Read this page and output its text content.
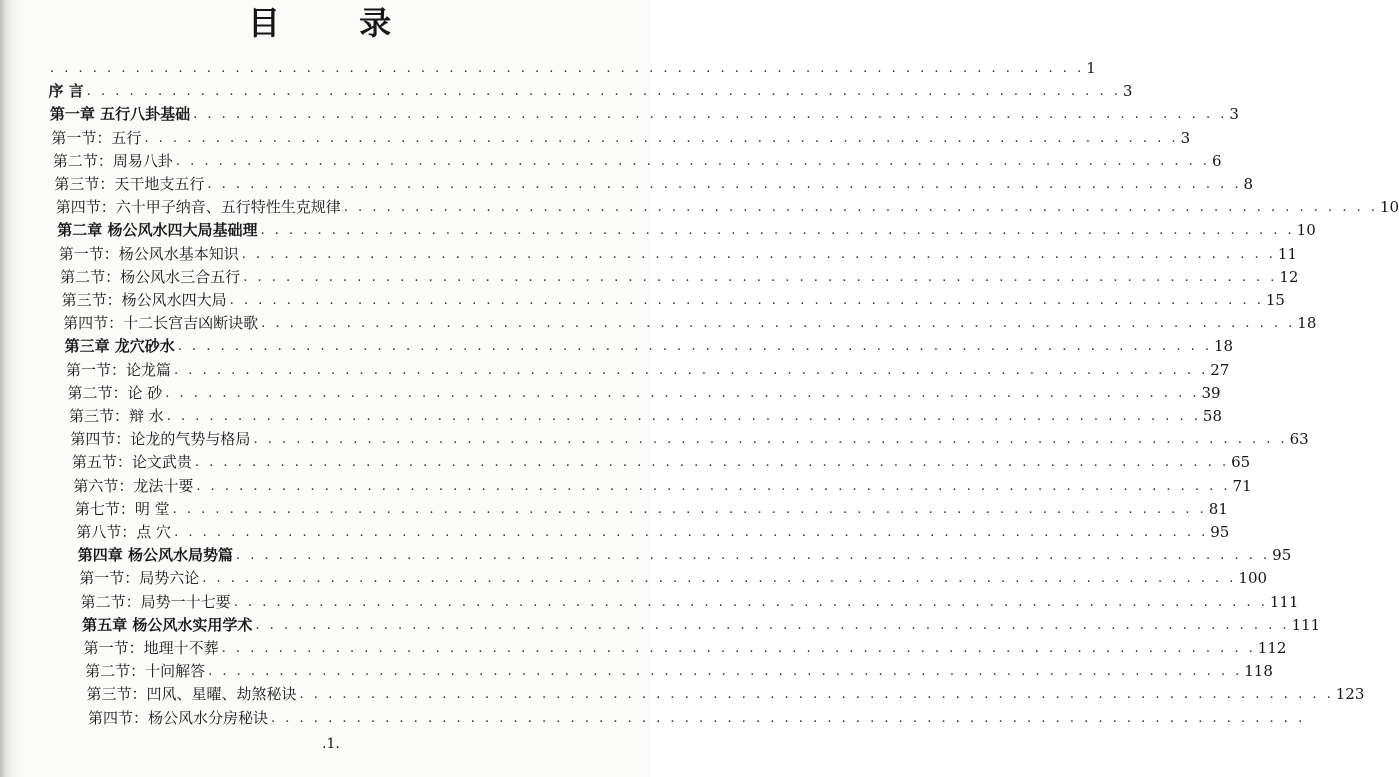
目 录
. . . . . . . . . . . . . . . . . . . . . . . . . . . . . . . . . . . . . . . . . . . . . . . . . . . . . . . . . . . . . . . . . . . . . . . . . 1
序 言 . . . . . . . . . . . . . . . . . . . . . . . . . . . . . . . . . . . . . . . . . . . . . . . . . . . . . . . . . . . . . . . . . . . . . . . . . 3
第一章 五行八卦基础 . . . . . . . . . . . . . . . . . . . . . . . . . . . . . . . . . . . . . . . . . . . . . . . . . . . . . . . . . . . . . . . . . . . . . . . . . 3
第一节：五行 . . . . . . . . . . . . . . . . . . . . . . . . . . . . . . . . . . . . . . . . . . . . . . . . . . . . . . . . . . . . . . . . . . . . . . . . . 3
第二节：周易八卦 . . . . . . . . . . . . . . . . . . . . . . . . . . . . . . . . . . . . . . . . . . . . . . . . . . . . . . . . . . . . . . . . . . . . . . . . . 6
第三节：天干地支五行 . . . . . . . . . . . . . . . . . . . . . . . . . . . . . . . . . . . . . . . . . . . . . . . . . . . . . . . . . . . . . . . . . . . . . . . . . 8
第四节：六十甲子纳音、五行特性生克规律 . . . . . . . . . . . . . . . . . . . . . . . . . . . . . . . . . . . . . . . . . . . . . . . . . . . . . . . . . . . . . . . . . . . . . . . . . 10
第二章 杨公风水四大局基础理 . . . . . . . . . . . . . . . . . . . . . . . . . . . . . . . . . . . . . . . . . . . . . . . . . . . . . . . . . . . . . . . . . . . . . . . . . 10
第一节：杨公风水基本知识 . . . . . . . . . . . . . . . . . . . . . . . . . . . . . . . . . . . . . . . . . . . . . . . . . . . . . . . . . . . . . . . . . . . . . . . . . 11
第二节：杨公风水三合五行 . . . . . . . . . . . . . . . . . . . . . . . . . . . . . . . . . . . . . . . . . . . . . . . . . . . . . . . . . . . . . . . . . . . . . . . . . 12
第三节：杨公风水四大局 . . . . . . . . . . . . . . . . . . . . . . . . . . . . . . . . . . . . . . . . . . . . . . . . . . . . . . . . . . . . . . . . . . . . . . . . . 15
第四节：十二长宫吉凶断诀歌 . . . . . . . . . . . . . . . . . . . . . . . . . . . . . . . . . . . . . . . . . . . . . . . . . . . . . . . . . . . . . . . . . . . . . . . . . 18
第三章 龙穴砂水 . . . . . . . . . . . . . . . . . . . . . . . . . . . . . . . . . . . . . . . . . . . . . . . . . . . . . . . . . . . . . . . . . . . . . . . . . 18
第一节：论龙篇 . . . . . . . . . . . . . . . . . . . . . . . . . . . . . . . . . . . . . . . . . . . . . . . . . . . . . . . . . . . . . . . . . . . . . . . . . 27
第二节：论 砂 . . . . . . . . . . . . . . . . . . . . . . . . . . . . . . . . . . . . . . . . . . . . . . . . . . . . . . . . . . . . . . . . . . . . . . . . . 39
第三节：辩 水 . . . . . . . . . . . . . . . . . . . . . . . . . . . . . . . . . . . . . . . . . . . . . . . . . . . . . . . . . . . . . . . . . . . . . . . . . 58
第四节：论龙的气势与格局 . . . . . . . . . . . . . . . . . . . . . . . . . . . . . . . . . . . . . . . . . . . . . . . . . . . . . . . . . . . . . . . . . . . . . . . . . 63
第五节：论文武贵 . . . . . . . . . . . . . . . . . . . . . . . . . . . . . . . . . . . . . . . . . . . . . . . . . . . . . . . . . . . . . . . . . . . . . . . . . 65
第六节：龙法十要 . . . . . . . . . . . . . . . . . . . . . . . . . . . . . . . . . . . . . . . . . . . . . . . . . . . . . . . . . . . . . . . . . . . . . . . . . 71
第七节：明 堂 . . . . . . . . . . . . . . . . . . . . . . . . . . . . . . . . . . . . . . . . . . . . . . . . . . . . . . . . . . . . . . . . . . . . . . . . . 81
第八节：点 穴 . . . . . . . . . . . . . . . . . . . . . . . . . . . . . . . . . . . . . . . . . . . . . . . . . . . . . . . . . . . . . . . . . . . . . . . . . 95
第四章 杨公风水局势篇 . . . . . . . . . . . . . . . . . . . . . . . . . . . . . . . . . . . . . . . . . . . . . . . . . . . . . . . . . . . . . . . . . . . . . . . . . 95
第一节：局势六论 . . . . . . . . . . . . . . . . . . . . . . . . . . . . . . . . . . . . . . . . . . . . . . . . . . . . . . . . . . . . . . . . . . . . . . . . . 100
第二节：局势一十七要 . . . . . . . . . . . . . . . . . . . . . . . . . . . . . . . . . . . . . . . . . . . . . . . . . . . . . . . . . . . . . . . . . . . . . . . . . 111
第五章 杨公风水实用学术 . . . . . . . . . . . . . . . . . . . . . . . . . . . . . . . . . . . . . . . . . . . . . . . . . . . . . . . . . . . . . . . . . . . . . . . . . 111
第一节：地理十不葬 . . . . . . . . . . . . . . . . . . . . . . . . . . . . . . . . . . . . . . . . . . . . . . . . . . . . . . . . . . . . . . . . . . . . . . . . . 112
第二节：十问解答 . . . . . . . . . . . . . . . . . . . . . . . . . . . . . . . . . . . . . . . . . . . . . . . . . . . . . . . . . . . . . . . . . . . . . . . . . 118
第三节：凹风、星曜、劫煞秘诀 . . . . . . . . . . . . . . . . . . . . . . . . . . . . . . . . . . . . . . . . . . . . . . . . . . . . . . . . . . . . . . . . . . . . . . . . . 123
第四节：杨公风水分房秘诀 . . . . . . . . . . . . . . . . . . . . . . . . . . . . . . . . . . . . . . . . . . . . . . . . . . . . . . . . . . . . . . . . . . . . . . . . .
.1.
